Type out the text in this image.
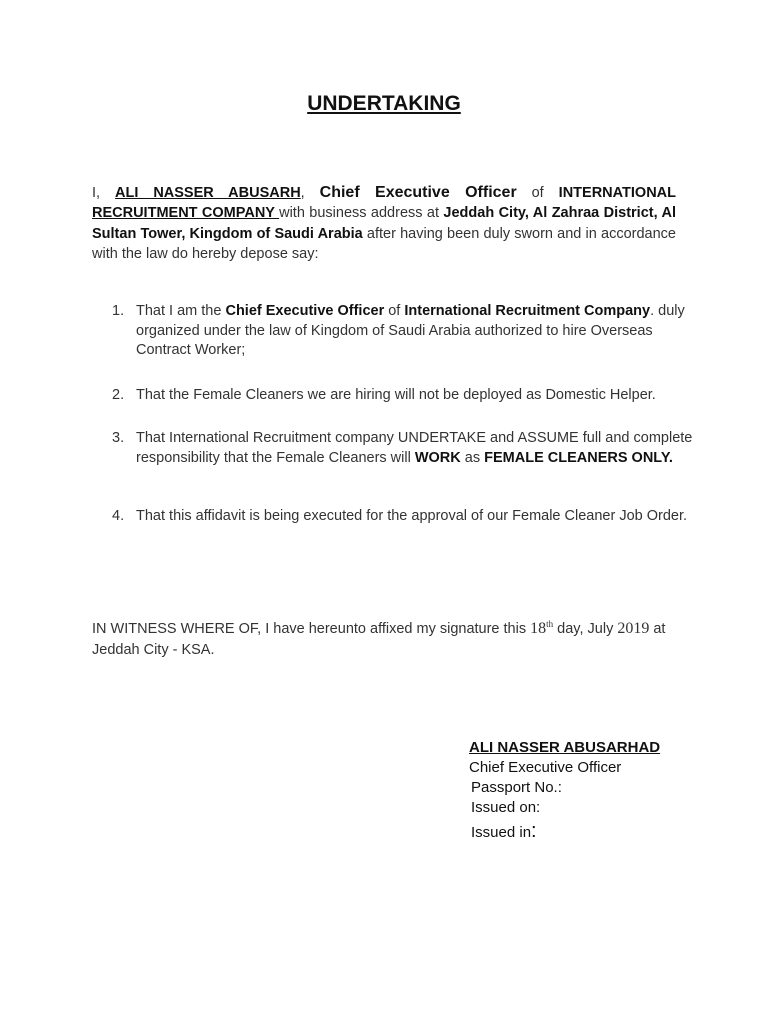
UNDERTAKING

I, ALI NASSER ABUSARH, Chief Executive Officer of INTERNATIONAL RECRUITMENT COMPANY with business address at Jeddah City, Al Zahraa District, Al Sultan Tower, Kingdom of Saudi Arabia after having been duly sworn and in accordance with the law do hereby depose say:

1. That I am the Chief Executive Officer of International Recruitment Company. duly organized under the law of Kingdom of Saudi Arabia authorized to hire Overseas Contract Worker;
2. That the Female Cleaners we are hiring will not be deployed as Domestic Helper.
3. That International Recruitment company UNDERTAKE and ASSUME full and complete responsibility that the Female Cleaners will WORK as FEMALE CLEANERS ONLY.
4. That this affidavit is being executed for the approval of our Female Cleaner Job Order.

IN WITNESS WHERE OF, I have hereunto affixed my signature this 18th day, July 2019 at Jeddah City - KSA.

ALI NASSER ABUSARHAD
Chief Executive Officer
Passport No.:
Issued on:
Issued in:
